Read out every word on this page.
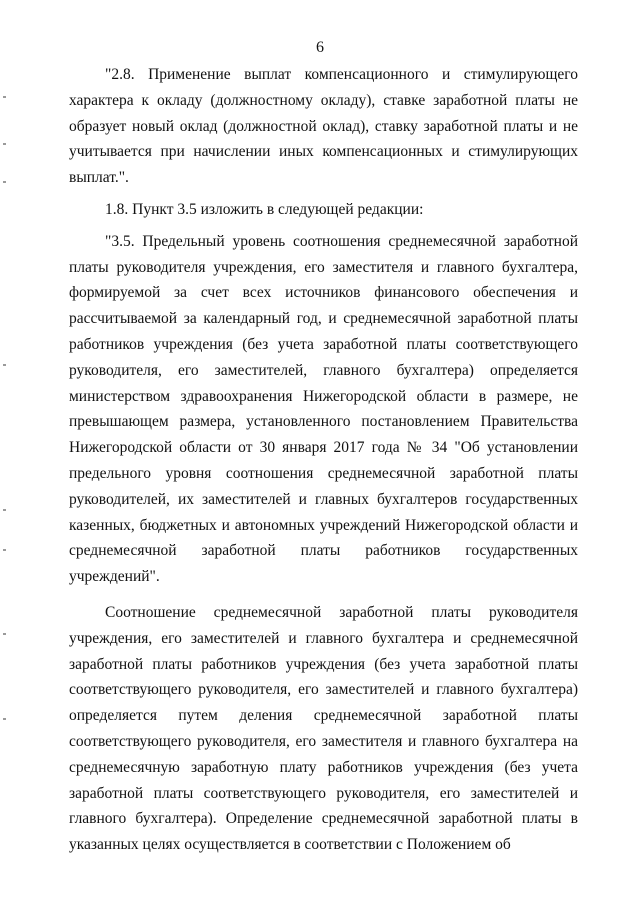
6

"2.8. Применение выплат компенсационного и стимулирующего характера к окладу (должностному окладу), ставке заработной платы не образует новый оклад (должностной оклад), ставку заработной платы и не учитывается при начислении иных компенсационных и стимулирующих выплат.".

1.8. Пункт 3.5 изложить в следующей редакции:

"3.5. Предельный уровень соотношения среднемесячной заработной платы руководителя учреждения, его заместителя и главного бухгалтера, формируемой за счет всех источников финансового обеспечения и рассчитываемой за календарный год, и среднемесячной заработной платы работников учреждения (без учета заработной платы соответствующего руководителя, его заместителей, главного бухгалтера) определяется министерством здравоохранения Нижегородской области в размере, не превышающем размера, установленного постановлением Правительства Нижегородской области от 30 января 2017 года № 34 "Об установлении предельного уровня соотношения среднемесячной заработной платы руководителей, их заместителей и главных бухгалтеров государственных казенных, бюджетных и автономных учреждений Нижегородской области и среднемесячной заработной платы работников государственных учреждений".

Соотношение среднемесячной заработной платы руководителя учреждения, его заместителей и главного бухгалтера и среднемесячной заработной платы работников учреждения (без учета заработной платы соответствующего руководителя, его заместителей и главного бухгалтера) определяется путем деления среднемесячной заработной платы соответствующего руководителя, его заместителя и главного бухгалтера на среднемесячную заработную плату работников учреждения (без учета заработной платы соответствующего руководителя, его заместителей и главного бухгалтера). Определение среднемесячной заработной платы в указанных целях осуществляется в соответствии с Положением об
